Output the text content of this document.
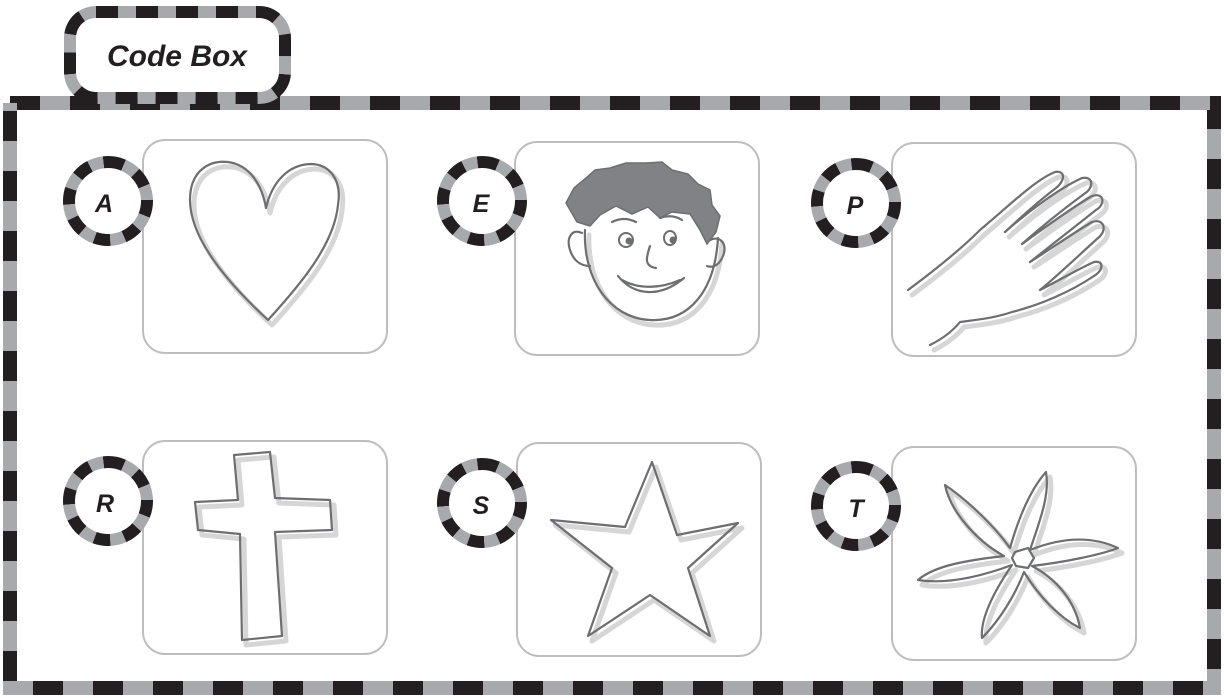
Code Box
A	E	P
R	S	T
